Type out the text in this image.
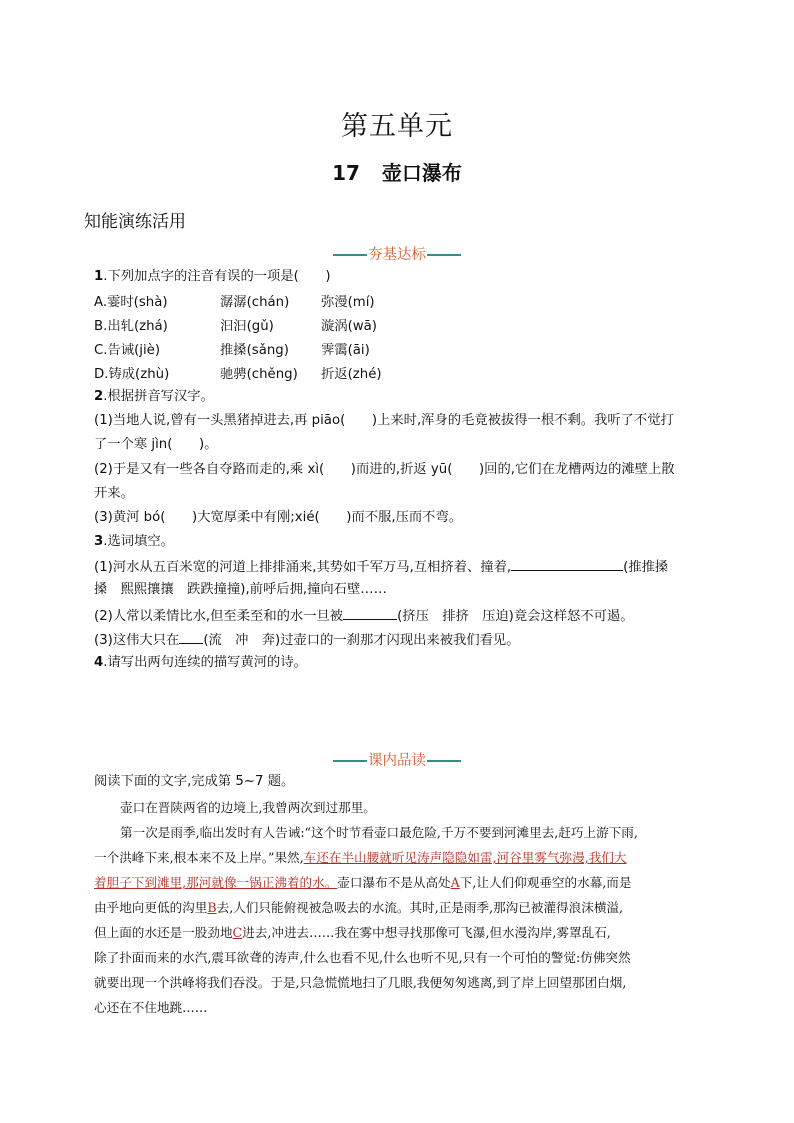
第五单元
17 壶口瀑布
知能演练活用
夯基达标
1.下列加点字的注音有误的一项是(　　)
A.霎时(shà)	潺潺(chán) 弥漫(mí)
B.出轧(zhá)	汩汩(gǔ)	漩涡(wā)
C.告诫(jiè)	推搡(sǎng) 霁霭(āi)
D.铸成(zhù)	驰骋(chěng) 折返(zhé)
2.根据拼音写汉字。
(1)当地人说,曾有一头黑猪掉进去,再 piāo(　　)上来时,浑身的毛竟被拔得一根不剩。我听了不觉打
了一个寒 jìn(　　)。
(2)于是又有一些各自夺路而走的,乘 xì(　　)而进的,折返 yū(　　)回的,它们在龙槽两边的滩壁上散
开来。
(3)黄河 bó(　　)大宽厚柔中有刚;xié(　　)而不服,压而不弯。
3.选词填空。
(1)河水从五百米宽的河道上排排涌来,其势如千军万马,互相挤着、撞着,	(推推搡
搡　熙熙攘攘　跌跌撞撞),前呼后拥,撞向石壁……
(2)人常以柔情比水,但至柔至和的水一旦被	(挤压　排挤　压迫)竟会这样怒不可遏。
(3)这伟大只在 (流　冲　奔)过壶口的一刹那才闪现出来被我们看见。
4.请写出两句连续的描写黄河的诗。
课内品读
阅读下面的文字,完成第 5~7 题。
壶口在晋陕两省的边境上,我曾两次到过那里。
第一次是雨季,临出发时有人告诫:“这个时节看壶口最危险,千万不要到河滩里去,赶巧上游下雨,
一个洪峰下来,根本来不及上岸。”果然,车还在半山腰就听见涛声隐隐如雷,河谷里雾气弥漫,我们大
着胆子下到滩里,那河就像一锅正沸着的水。壶口瀑布不是从高处A下,让人们仰观垂空的水幕,而是
由乎地向更低的沟里B去,人们只能俯视被急吸去的水流。其时,正是雨季,那沟已被灌得浪沫横溢,
但上面的水还是一股劲地C进去,冲进去……我在雾中想寻找那像可飞瀑,但水漫沟岸,雾罩乱石,
除了扑面而来的水汽,震耳欲聋的涛声,什么也看不见,什么也听不见,只有一个可怕的警觉:仿佛突然
就要出现一个洪峰将我们吞没。于是,只急慌慌地扫了几眼,我便匆匆逃离,到了岸上回望那团白烟,
心还在不住地跳……
